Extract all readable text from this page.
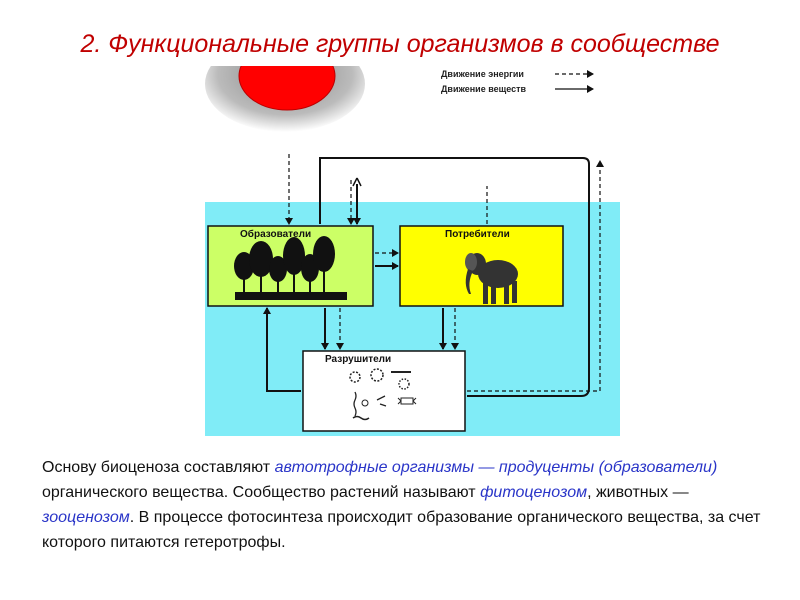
2. Функциональные группы организмов в сообществе
Движение энергии
Движение веществ
Образователи	Потребители
Разрушители
Основу биоценоза составляют автотрофные организмы — продуценты (образователи) органического вещества. Сообщество растений называют фитоценозом, животных — зооценозом. В процессе фотосинтеза происходит образование органического вещества, за счет которого питаются гетеротрофы.
